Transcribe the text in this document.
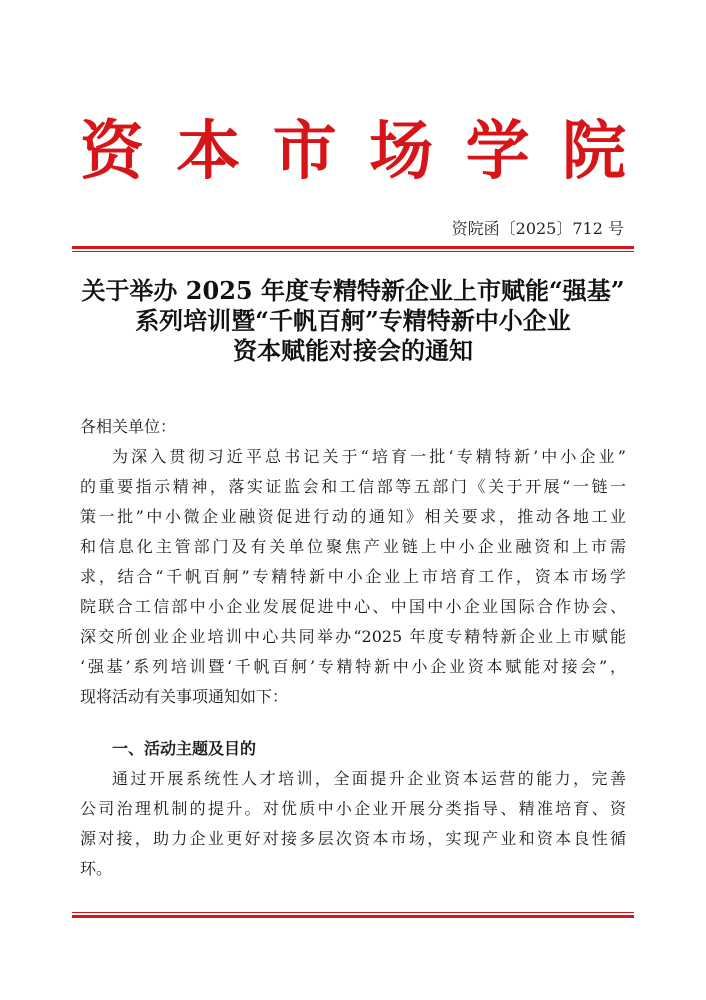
资 本 市 场 学 院
资院函〔2025〕712 号
关于举办 2025 年度专精特新企业上市赋能“强基”
系列培训暨“千帆百舸”专精特新中小企业
资本赋能对接会的通知
各相关单位：
为深入贯彻习近平总书记关于“培育一批‘专精特新’中小企业”
的重要指示精神，落实证监会和工信部等五部门《关于开展“一链一
策一批”中小微企业融资促进行动的通知》相关要求，推动各地工业
和信息化主管部门及有关单位聚焦产业链上中小企业融资和上市需
求，结合“千帆百舸”专精特新中小企业上市培育工作，资本市场学
院联合工信部中小企业发展促进中心、中国中小企业国际合作协会、
深交所创业企业培训中心共同举办“2025 年度专精特新企业上市赋能
‘强基’系列培训暨‘千帆百舸’专精特新中小企业资本赋能对接会”，
现将活动有关事项通知如下：
一、活动主题及目的
通过开展系统性人才培训，全面提升企业资本运营的能力，完善
公司治理机制的提升。对优质中小企业开展分类指导、精准培育、资
源对接，助力企业更好对接多层次资本市场，实现产业和资本良性循
环。
